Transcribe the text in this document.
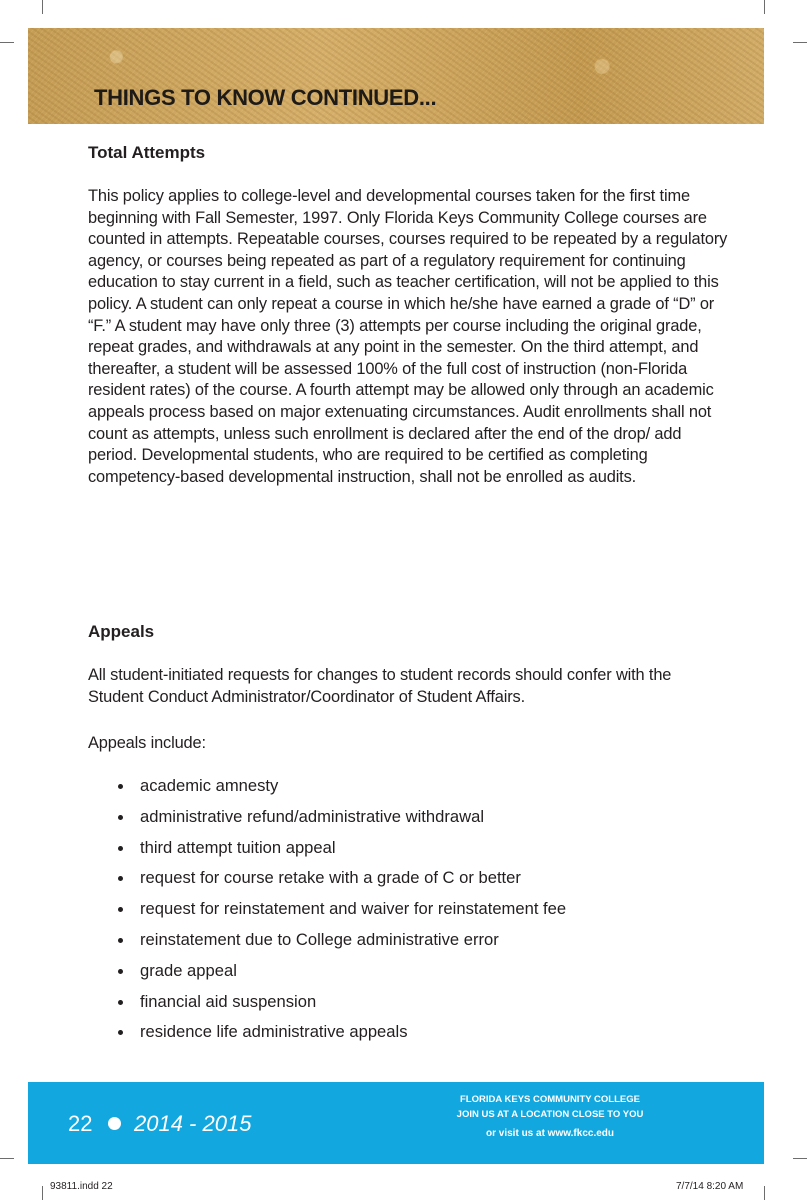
THINGS TO KNOW CONTINUED...
Total Attempts

This policy applies to college-level and developmental courses taken for the first time beginning with Fall Semester, 1997. Only Florida Keys Community College courses are counted in attempts. Repeatable courses, courses required to be repeated by a regulatory agency, or courses being repeated as part of a regulatory requirement for continuing education to stay current in a field, such as teacher certification, will not be applied to this policy. A student can only repeat a course in which he/she have earned a grade of “D” or “F.” A student may have only three (3) attempts per course including the original grade, repeat grades, and withdrawals at any point in the semester. On the third attempt, and thereafter, a student will be assessed 100% of the full cost of instruction (non-Florida resident rates) of the course. A fourth attempt may be allowed only through an academic appeals process based on major extenuating circumstances. Audit enrollments shall not count as attempts, unless such enrollment is declared after the end of the drop/ add period. Developmental students, who are required to be certified as completing competency-based developmental instruction, shall not be enrolled as audits.

Appeals

All student-initiated requests for changes to student records should confer with the Student Conduct Administrator/Coordinator of Student Affairs.

Appeals include:

academic amnesty
administrative refund/administrative withdrawal
third attempt tuition appeal
request for course retake with a grade of C or better
request for reinstatement and waiver for reinstatement fee
reinstatement due to College administrative error
grade appeal
financial aid suspension
residence life administrative appeals
22 2014 - 2015
FLORIDA KEYS COMMUNITY COLLEGE
JOIN US AT A LOCATION CLOSE TO YOU
or visit us at www.fkcc.edu
93811.indd 22	7/7/14 8:20 AM
